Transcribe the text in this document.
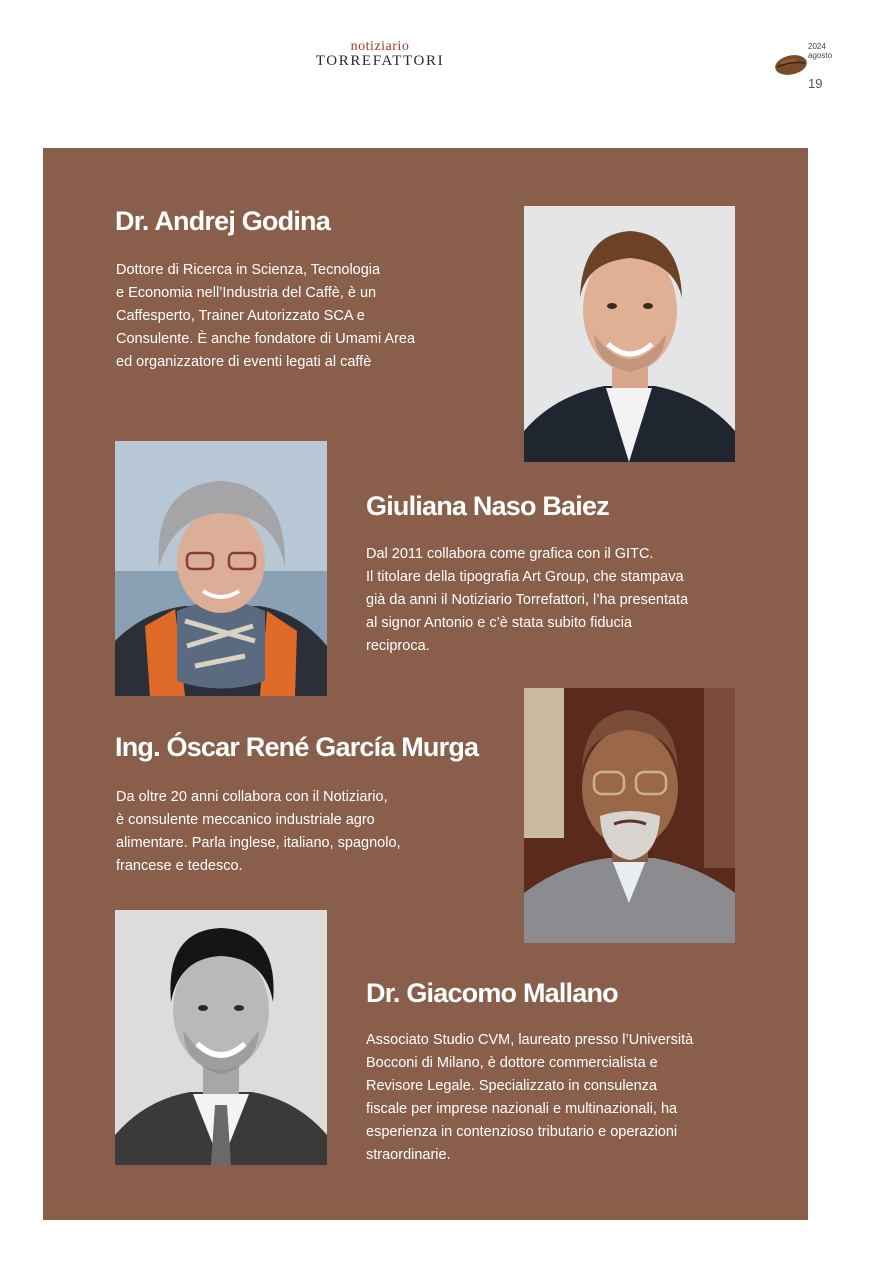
notiziario
TORREFATTORI
2024
agosto
19
Dr. Andrej Godina

Dottore di Ricerca in Scienza, Tecnologia
e Economia nell’Industria del Caffè, è un
Caffesperto, Trainer Autorizzato SCA e
Consulente. È anche fondatore di Umami Area
ed organizzatore di eventi legati al caffè

Giuliana Naso Baiez

Dal 2011 collabora come grafica con il GITC.
Il titolare della tipografia Art Group, che stampava
già da anni il Notiziario Torrefattori, l’ha presentata
al signor Antonio e c’è stata subito fiducia
reciproca.

Ing. Óscar René García Murga

Da oltre 20 anni collabora con il Notiziario,
è consulente meccanico industriale agro
alimentare. Parla inglese, italiano, spagnolo,
francese e tedesco.

Dr. Giacomo Mallano

Associato Studio CVM, laureato presso l’Università
Bocconi di Milano, è dottore commercialista e
Revisore Legale. Specializzato in consulenza
fiscale per imprese nazionali e multinazionali, ha
esperienza in contenzioso tributario e operazioni
straordinarie.
